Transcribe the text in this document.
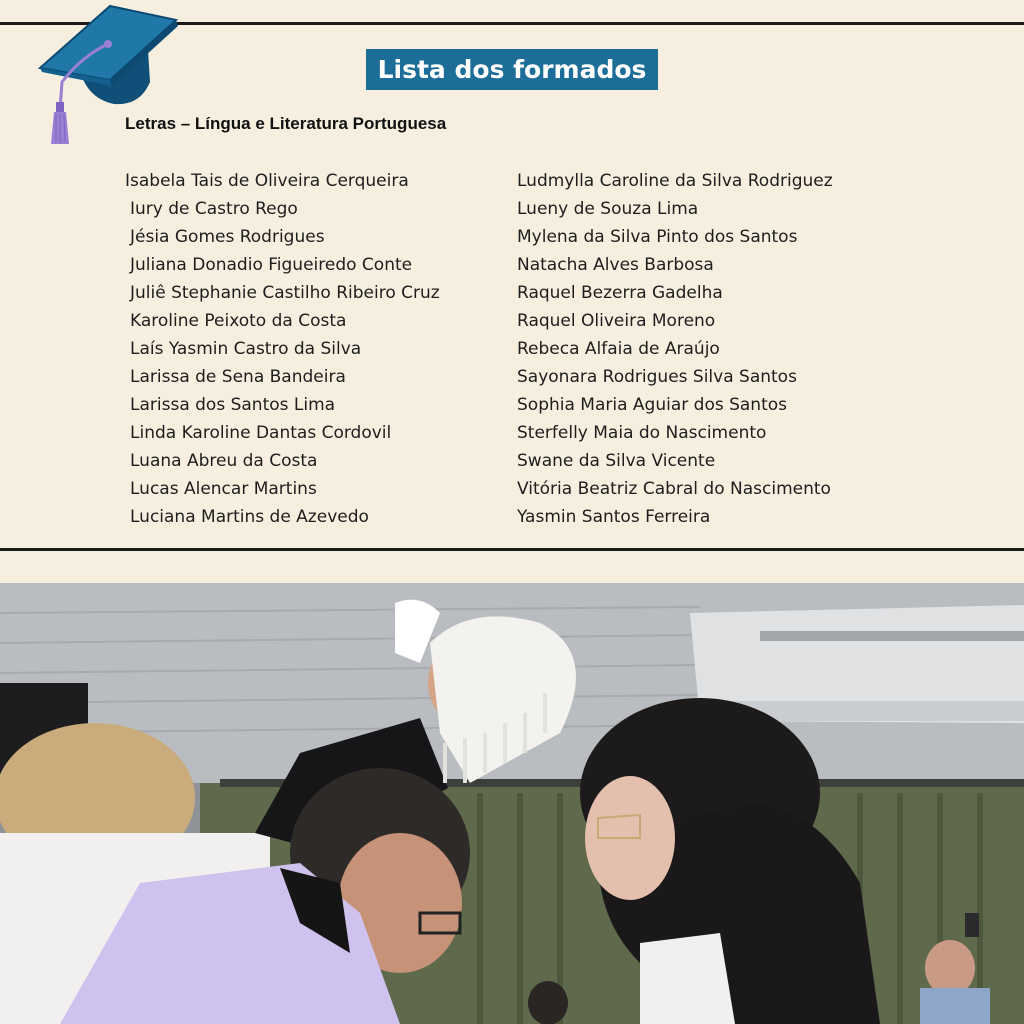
Lista dos formados
Letras – Língua e Literatura Portuguesa
Isabela Tais de Oliveira Cerqueira
Iury de Castro Rego
Jésia Gomes Rodrigues
Juliana Donadio Figueiredo Conte
Juliê Stephanie Castilho Ribeiro Cruz
Karoline Peixoto da Costa
Laís Yasmin Castro da Silva
Larissa de Sena Bandeira
Larissa dos Santos Lima
Linda Karoline Dantas Cordovil
Luana Abreu da Costa
Lucas Alencar Martins
Luciana Martins de Azevedo
Ludmylla Caroline da Silva Rodriguez
Lueny de Souza Lima
Mylena da Silva Pinto dos Santos
Natacha Alves Barbosa
Raquel Bezerra Gadelha
Raquel Oliveira Moreno
Rebeca Alfaia de Araújo
Sayonara Rodrigues Silva Santos
Sophia Maria Aguiar dos Santos
Sterfelly Maia do Nascimento
Swane da Silva Vicente
Vitória Beatriz Cabral do Nascimento
Yasmin Santos Ferreira
